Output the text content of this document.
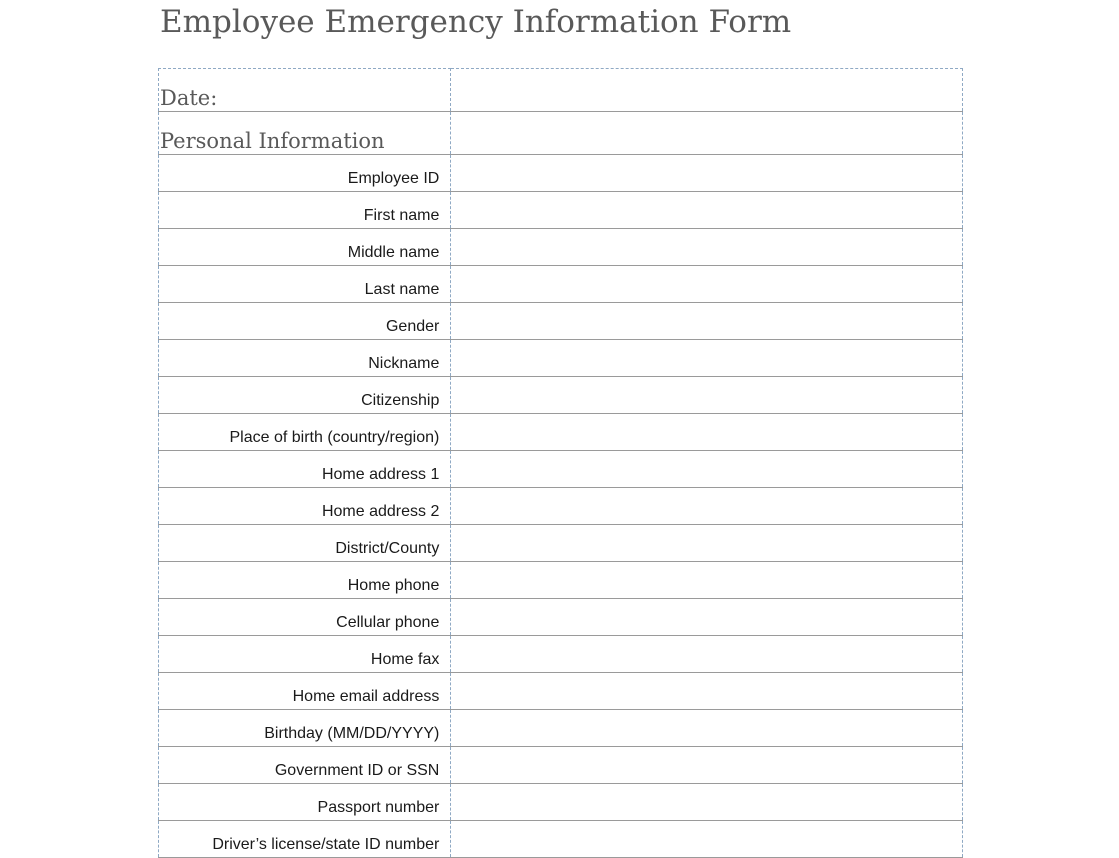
Employee Emergency Information Form
Date:	
Personal Information	
Employee ID	
First name	
Middle name	
Last name	
Gender	
Nickname	
Citizenship	
Place of birth (country/region)	
Home address 1	
Home address 2	
District/County	
Home phone	
Cellular phone	
Home fax	
Home email address	
Birthday (MM/DD/YYYY)	
Government ID or SSN	
Passport number	
Driver’s license/state ID number	
